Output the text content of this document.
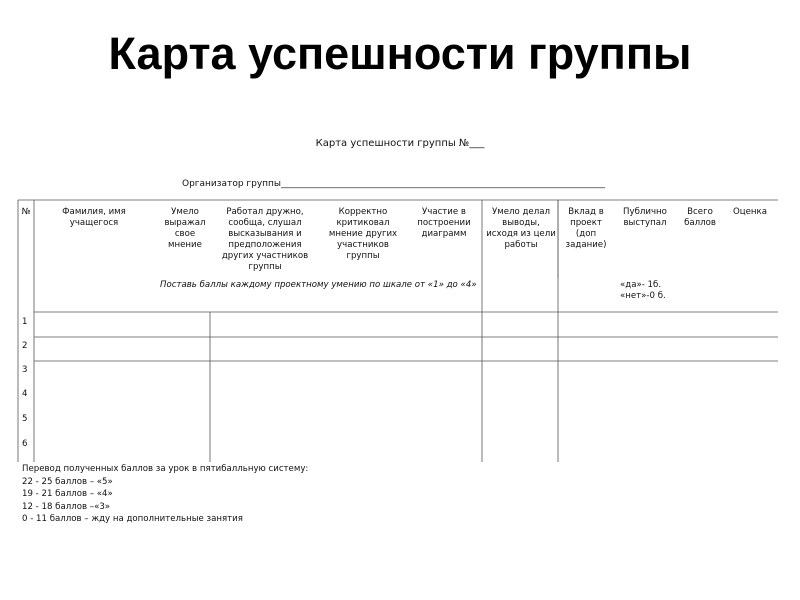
Карта успешности группы
Карта успешности группы №___
Организатор группы________________________________________________________________________
№	Фамилия, имя учащегося
Умело выражал свое мнение
Работал дружно, сообща, слушал высказывания и предположения других участников группы
Корректно критиковал мнение других участников группы
Участие в построении диаграмм
Умело делал выводы, исходя из цели работы
Вклад в проект (доп задание)
Публично выступал
Всего баллов
Оценка
Поставь баллы каждому проектному умению по шкале от «1» до «4»	«да»- 1б.
«нет»-0 б.
1
2
3
4
5
6
Перевод полученных баллов за урок в пятибалльную систему:
22 - 25 баллов – «5»
19 - 21 баллов – «4»
12 - 18 баллов –«3»
0 - 11 баллов – жду на дополнительные занятия
